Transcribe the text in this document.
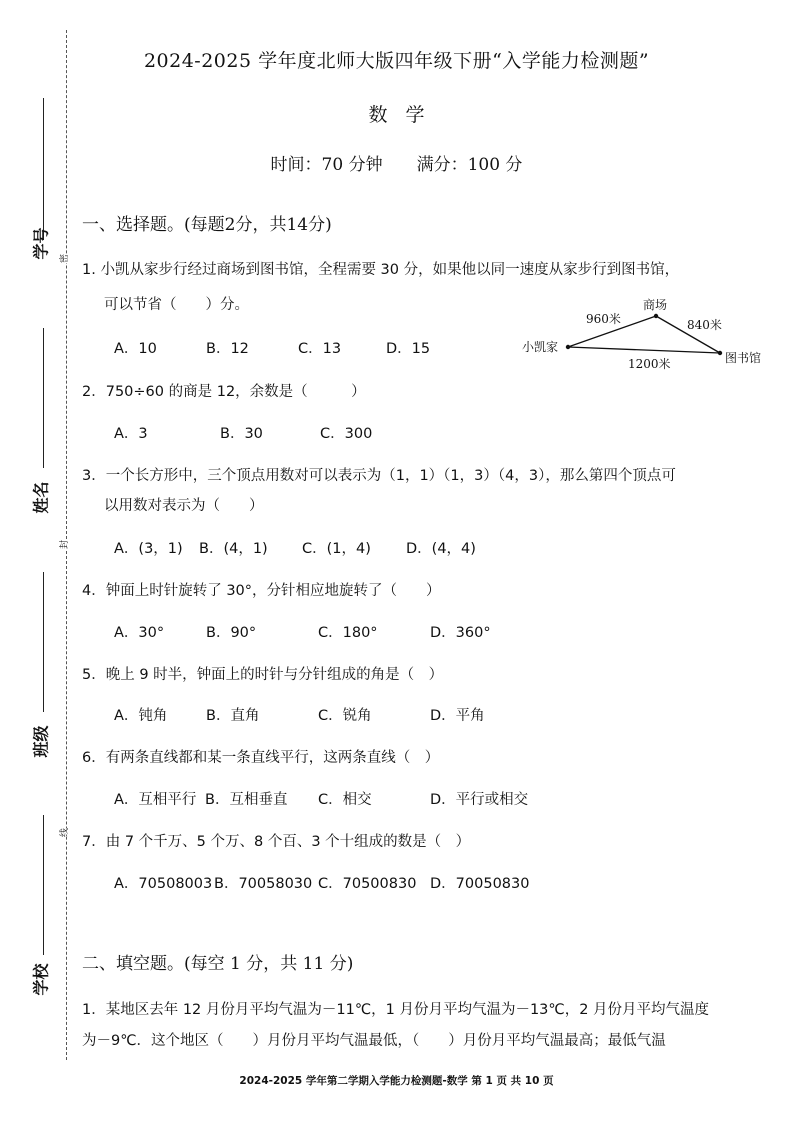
学号
姓名
班级
学校
密
封
线
2024-2025 学年度北师大版四年级下册“入学能力检测题”
数学
时间：70 分钟　　满分：100 分
一、选择题。(每题2分，共14分)
1. 小凯从家步行经过商场到图书馆，全程需要 30 分，如果他以同一速度从家步行到图书馆，
可以节省（　　）分。
A．10	B．12	C．13	D．15	小凯家
商场
图书馆
960米	840米
1200米
2．750÷60 的商是 12，余数是（　　　）
A．3	B．30	C．300
3．一个长方形中，三个顶点用数对可以表示为（1，1）（1，3）（4，3），那么第四个顶点可
以用数对表示为（　　）
A．(3，1) B．(4，1) C．(1，4) D．(4，4)
4．钟面上时针旋转了 30°，分针相应地旋转了（　　）
A．30°	B．90°	C．180°	D．360°
5．晚上 9 时半，钟面上的时针与分针组成的角是（　）
A．钝角	B．直角	C．锐角	D．平角
6．有两条直线都和某一条直线平行，这两条直线（　）
A．互相平行 B．互相垂直 C．相交	D．平行或相交
7．由 7 个千万、5 个万、8 个百、3 个十组成的数是（　）
A．70508003 B．70058030 C．70500830 D．70050830
二、填空题。(每空 1 分，共 11 分)
1．某地区去年 12 月份月平均气温为－11℃，1 月份月平均气温为－13℃，2 月份月平均气温度
为－9℃．这个地区（　　）月份月平均气温最低，（　　）月份月平均气温最高；最低气温
2024-2025 学年第二学期入学能力检测题-数学 第 1 页 共 10 页
